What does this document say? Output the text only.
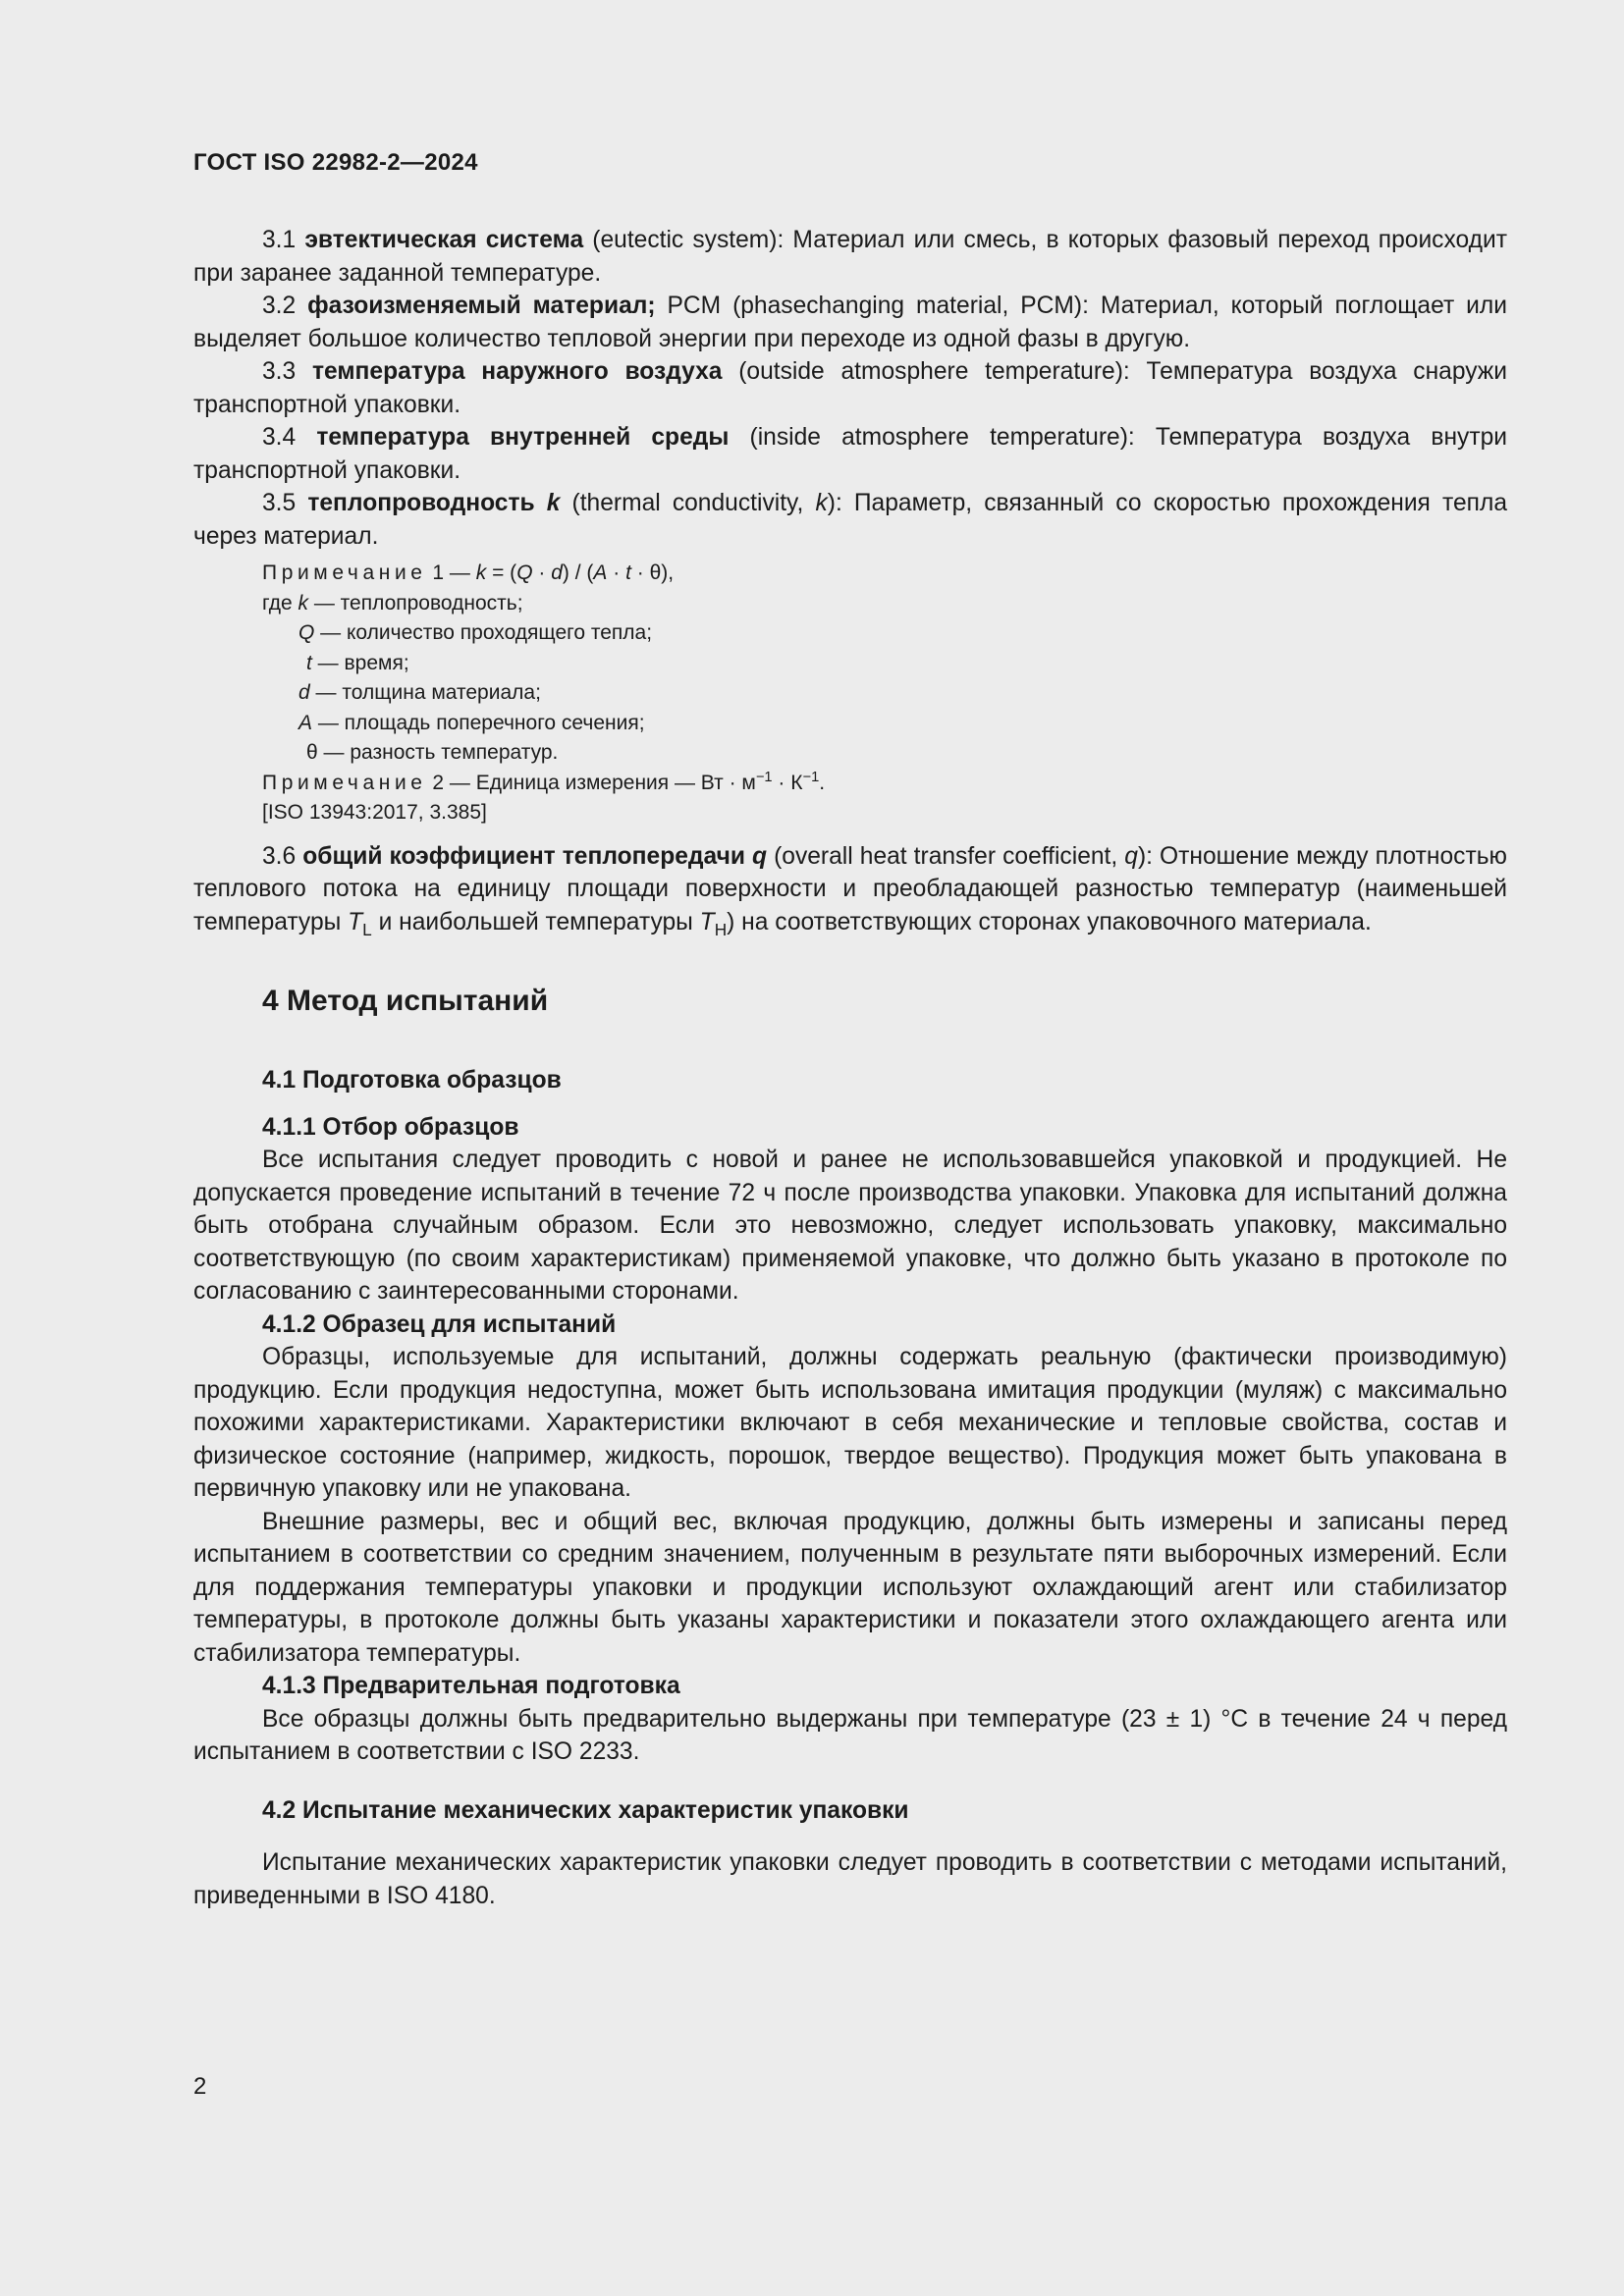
ГОСТ ISO 22982-2—2024

3.1 эвтектическая система (eutectic system): Материал или смесь, в которых фазовый переход происходит при заранее заданной температуре.

3.2 фазоизменяемый материал; PCM (phasechanging material, PCM): Материал, который поглощает или выделяет большое количество тепловой энергии при переходе из одной фазы в другую.

3.3 температура наружного воздуха (outside atmosphere temperature): Температура воздуха снаружи транспортной упаковки.

3.4 температура внутренней среды (inside atmosphere temperature): Температура воздуха внутри транспортной упаковки.

3.5 теплопроводность k (thermal conductivity, k): Параметр, связанный со скоростью прохождения тепла через материал.

Примечание 1 — k = (Q · d) / (A · t · θ),
где k — теплопроводность;
Q — количество проходящего тепла;
t — время;
d — толщина материала;
A — площадь поперечного сечения;
θ — разность температур.
Примечание 2 — Единица измерения — Вт · $м^{-1} \cdot К^{-1}$.
[ISO 13943:2017, 3.385]

3.6 общий коэффициент теплопередачи q (overall heat transfer coefficient, q): Отношение между плотностью теплового потока на единицу площади поверхности и преобладающей разностью температур (наименьшей температуры $T_L$ и наибольшей температуры $T_H$) на соответствующих сторонах упаковочного материала.

4 Метод испытаний
4.1 Подготовка образцов
4.1.1 Отбор образцов

Все испытания следует проводить с новой и ранее не использовавшейся упаковкой и продукцией. Не допускается проведение испытаний в течение 72 ч после производства упаковки. Упаковка для испытаний должна быть отобрана случайным образом. Если это невозможно, следует использовать упаковку, максимально соответствующую (по своим характеристикам) применяемой упаковке, что должно быть указано в протоколе по согласованию с заинтересованными сторонами.

4.1.2 Образец для испытаний

Образцы, используемые для испытаний, должны содержать реальную (фактически производимую) продукцию. Если продукция недоступна, может быть использована имитация продукции (муляж) с максимально похожими характеристиками. Характеристики включают в себя механические и тепловые свойства, состав и физическое состояние (например, жидкость, порошок, твердое вещество). Продукция может быть упакована в первичную упаковку или не упакована.

Внешние размеры, вес и общий вес, включая продукцию, должны быть измерены и записаны перед испытанием в соответствии со средним значением, полученным в результате пяти выборочных измерений. Если для поддержания температуры упаковки и продукции используют охлаждающий агент или стабилизатор температуры, в протоколе должны быть указаны характеристики и показатели этого охлаждающего агента или стабилизатора температуры.

4.1.3 Предварительная подготовка

Все образцы должны быть предварительно выдержаны при температуре (23 ± 1) °C в течение 24 ч перед испытанием в соответствии с ISO 2233.

4.2 Испытание механических характеристик упаковки

Испытание механических характеристик упаковки следует проводить в соответствии с методами испытаний, приведенными в ISO 4180.

2
